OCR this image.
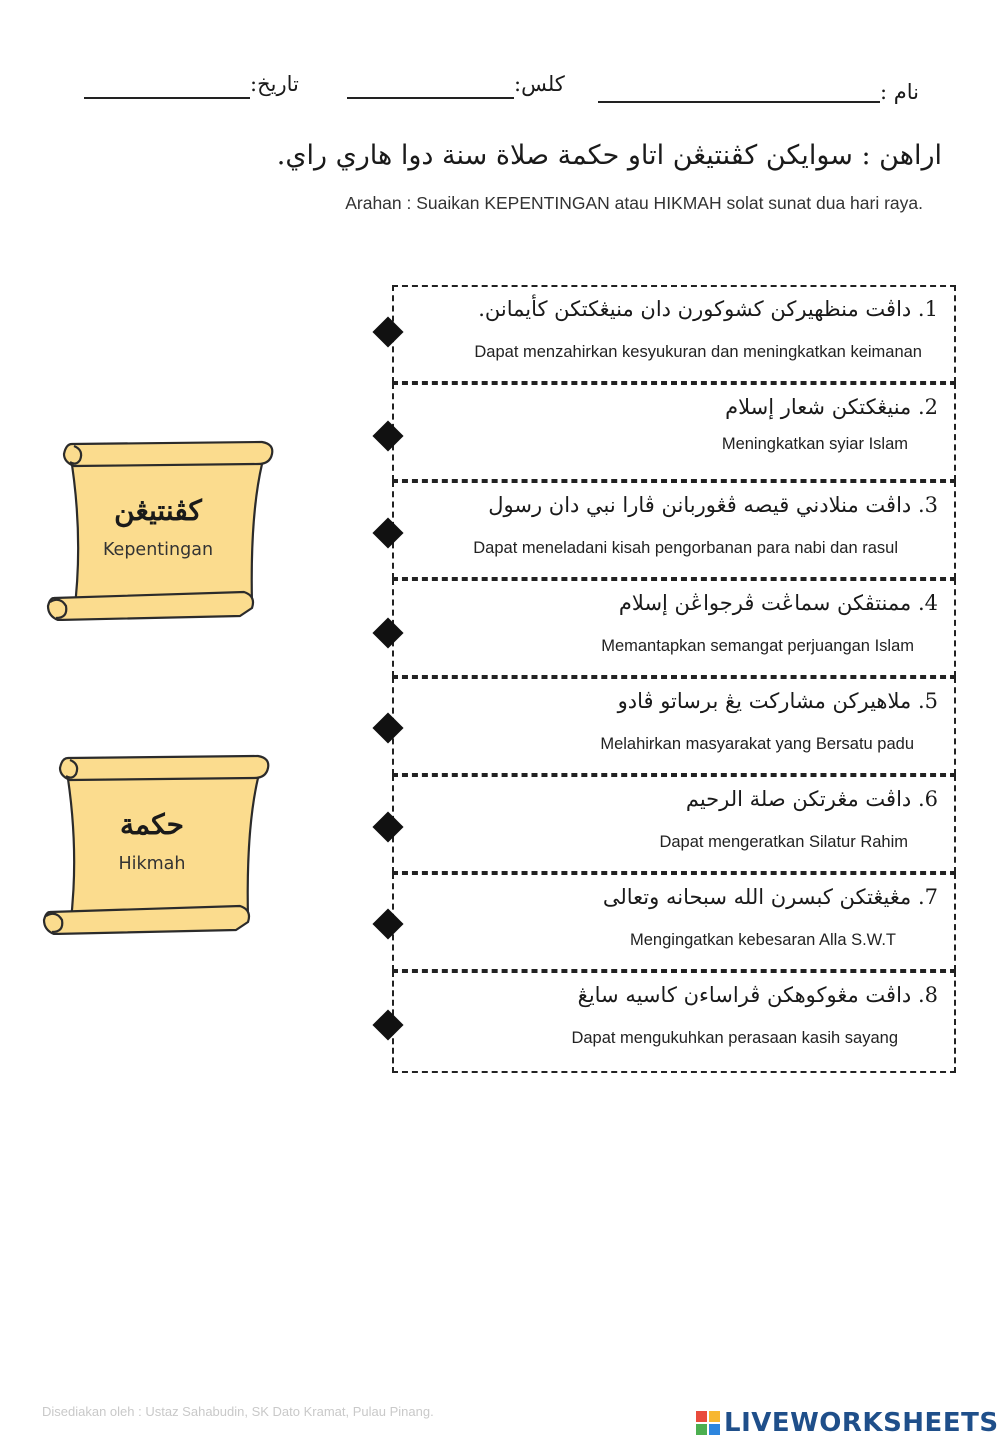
نام :
كلس:
تاريخ:
اراهن : سوايكن كڤنتيڠن اتاو حكمة صلاة سنة دوا هاري راي.
Arahan : Suaikan KEPENTINGAN atau HIKMAH solat sunat dua hari raya.
كڤنتيڠن
Kepentingan
حكمة
Hikmah
1. داڤت منظهيركن كشوكورن دان منيڠكتكن كأيمانن.
Dapat menzahirkan kesyukuran dan meningkatkan keimanan
2. منيڠكتكن شعار إسلام
Meningkatkan syiar Islam
3. داڤت منلادني قيصه ڤڠوربانن ڤارا نبي دان رسول
Dapat meneladani kisah pengorbanan para nabi dan rasul
4. ممنتڤكن سماڠت ڤرجواڠن إسلام
Memantapkan semangat perjuangan Islam
5. ملاهيركن مشاركت يڠ برساتو ڤادو
Melahirkan masyarakat yang Bersatu padu
6. داڤت مڠرتكن صلة الرحيم
Dapat mengeratkan Silatur Rahim
7. مڠيڠتكن كبسرن الله سبحانه وتعالى
Mengingatkan kebesaran Alla S.W.T
8. داڤت مڠوكوهكن ڤراساءن كاسيه سايڠ
Dapat mengukuhkan perasaan kasih sayang
Disediakan oleh : Ustaz Sahabudin, SK Dato Kramat, Pulau Pinang.	LIVEWORKSHEETS
